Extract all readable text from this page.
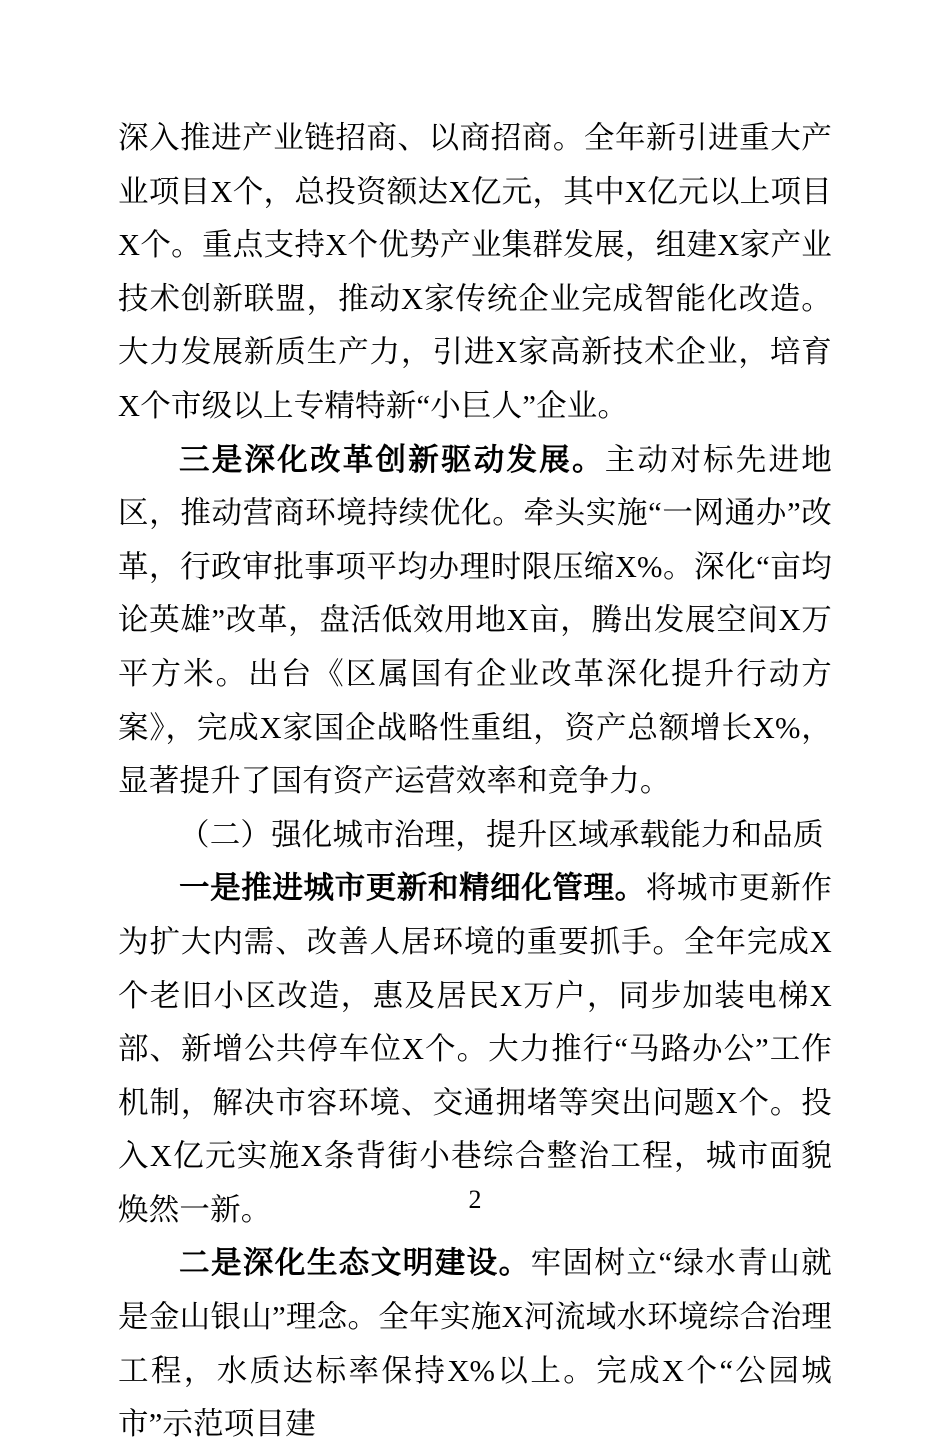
深入推进产业链招商、以商招商。全年新引进重大产业项目X个，总投资额达X亿元，其中X亿元以上项目X个。重点支持X个优势产业集群发展，组建X家产业技术创新联盟，推动X家传统企业完成智能化改造。大力发展新质生产力，引进X家高新技术企业，培育X个市级以上专精特新“小巨人”企业。

三是深化改革创新驱动发展。主动对标先进地区，推动营商环境持续优化。牵头实施“一网通办”改革，行政审批事项平均办理时限压缩X%。深化“亩均论英雄”改革，盘活低效用地X亩，腾出发展空间X万平方米。出台《区属国有企业改革深化提升行动方案》，完成X家国企战略性重组，资产总额增长X%，显著提升了国有资产运营效率和竞争力。

（二）强化城市治理，提升区域承载能力和品质

一是推进城市更新和精细化管理。将城市更新作为扩大内需、改善人居环境的重要抓手。全年完成X个老旧小区改造，惠及居民X万户，同步加装电梯X部、新增公共停车位X个。大力推行“马路办公”工作机制，解决市容环境、交通拥堵等突出问题X个。投入X亿元实施X条背街小巷综合整治工程，城市面貌焕然一新。

二是深化生态文明建设。牢固树立“绿水青山就是金山银山”理念。全年实施X河流域水环境综合治理工程，水质达标率保持X%以上。完成X个“公园城市”示范项目建

2
